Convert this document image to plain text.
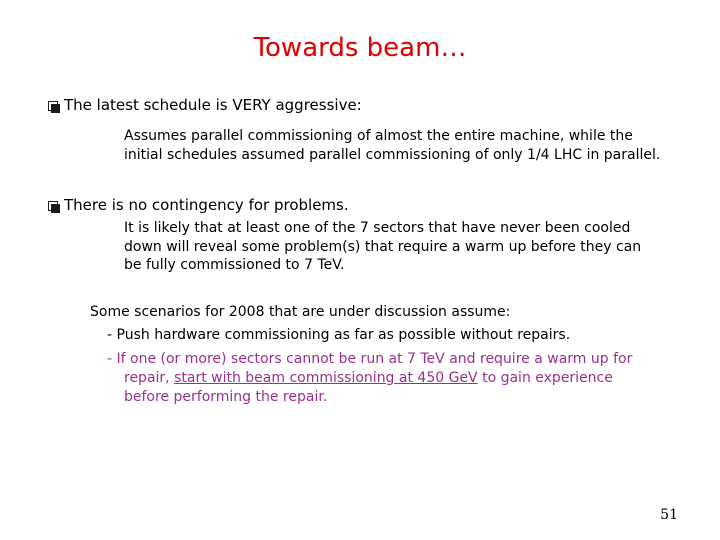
Towards beam…
The latest schedule is VERY aggressive:
Assumes parallel commissioning of almost the entire machine, while the
initial schedules assumed parallel commissioning of only 1/4 LHC in parallel.
There is no contingency for problems.
It is likely that at least one of the 7 sectors that have never been cooled
down will reveal some problem(s) that require a warm up before they can
be fully commissioned to 7 TeV.
Some scenarios for 2008 that are under discussion assume:
- Push hardware commissioning as far as possible without repairs.
- If one (or more) sectors cannot be run at 7 TeV and require a warm up for
repair, start with beam commissioning at 450 GeV to gain experience
before performing the repair.
51
